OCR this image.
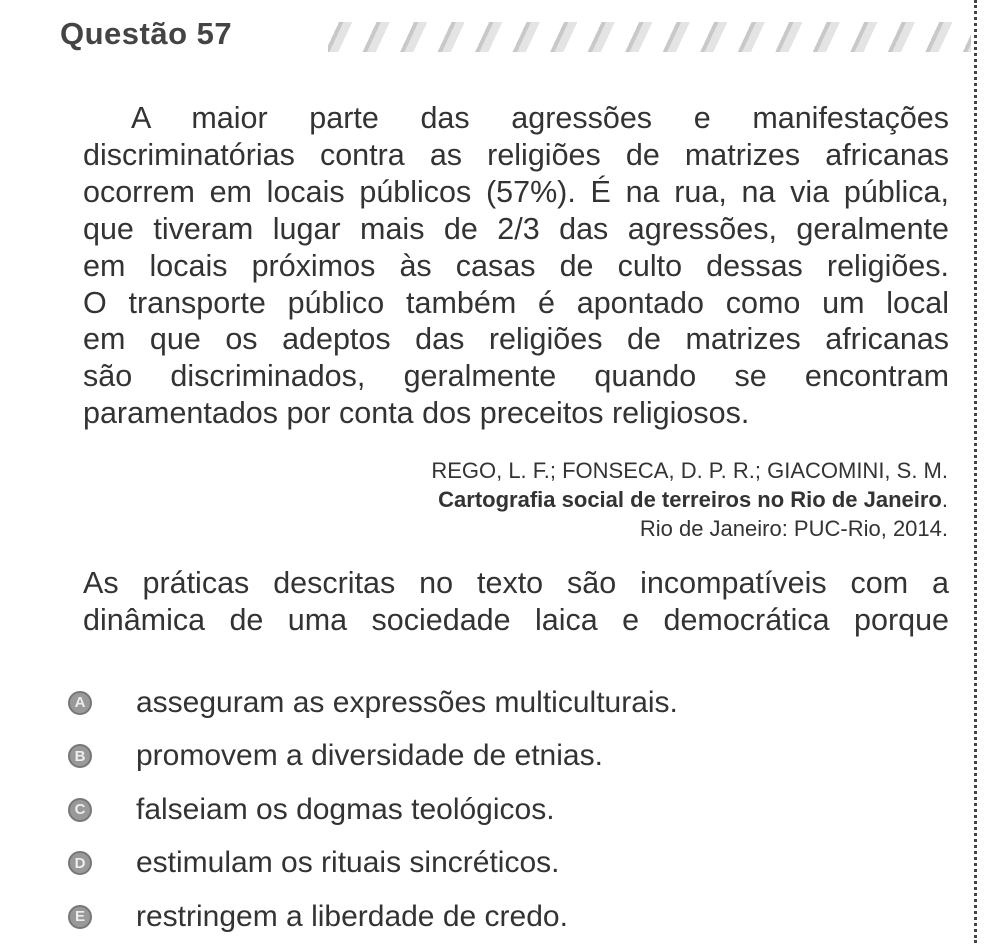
Questão 57
A maior parte das agressões e manifestações
discriminatórias contra as religiões de matrizes africanas
ocorrem em locais públicos (57%). É na rua, na via pública,
que tiveram lugar mais de 2/3 das agressões, geralmente
em locais próximos às casas de culto dessas religiões.
O transporte público também é apontado como um local
em que os adeptos das religiões de matrizes africanas
são discriminados, geralmente quando se encontram
paramentados por conta dos preceitos religiosos.
REGO, L. F.; FONSECA, D. P. R.; GIACOMINI, S. M.
Cartografia social de terreiros no Rio de Janeiro.
Rio de Janeiro: PUC-Rio, 2014.
As práticas descritas no texto são incompatíveis com a
dinâmica de uma sociedade laica e democrática porque
A asseguram as expressões multiculturais.
B promovem a diversidade de etnias.
C falseiam os dogmas teológicos.
D estimulam os rituais sincréticos.
E restringem a liberdade de credo.
